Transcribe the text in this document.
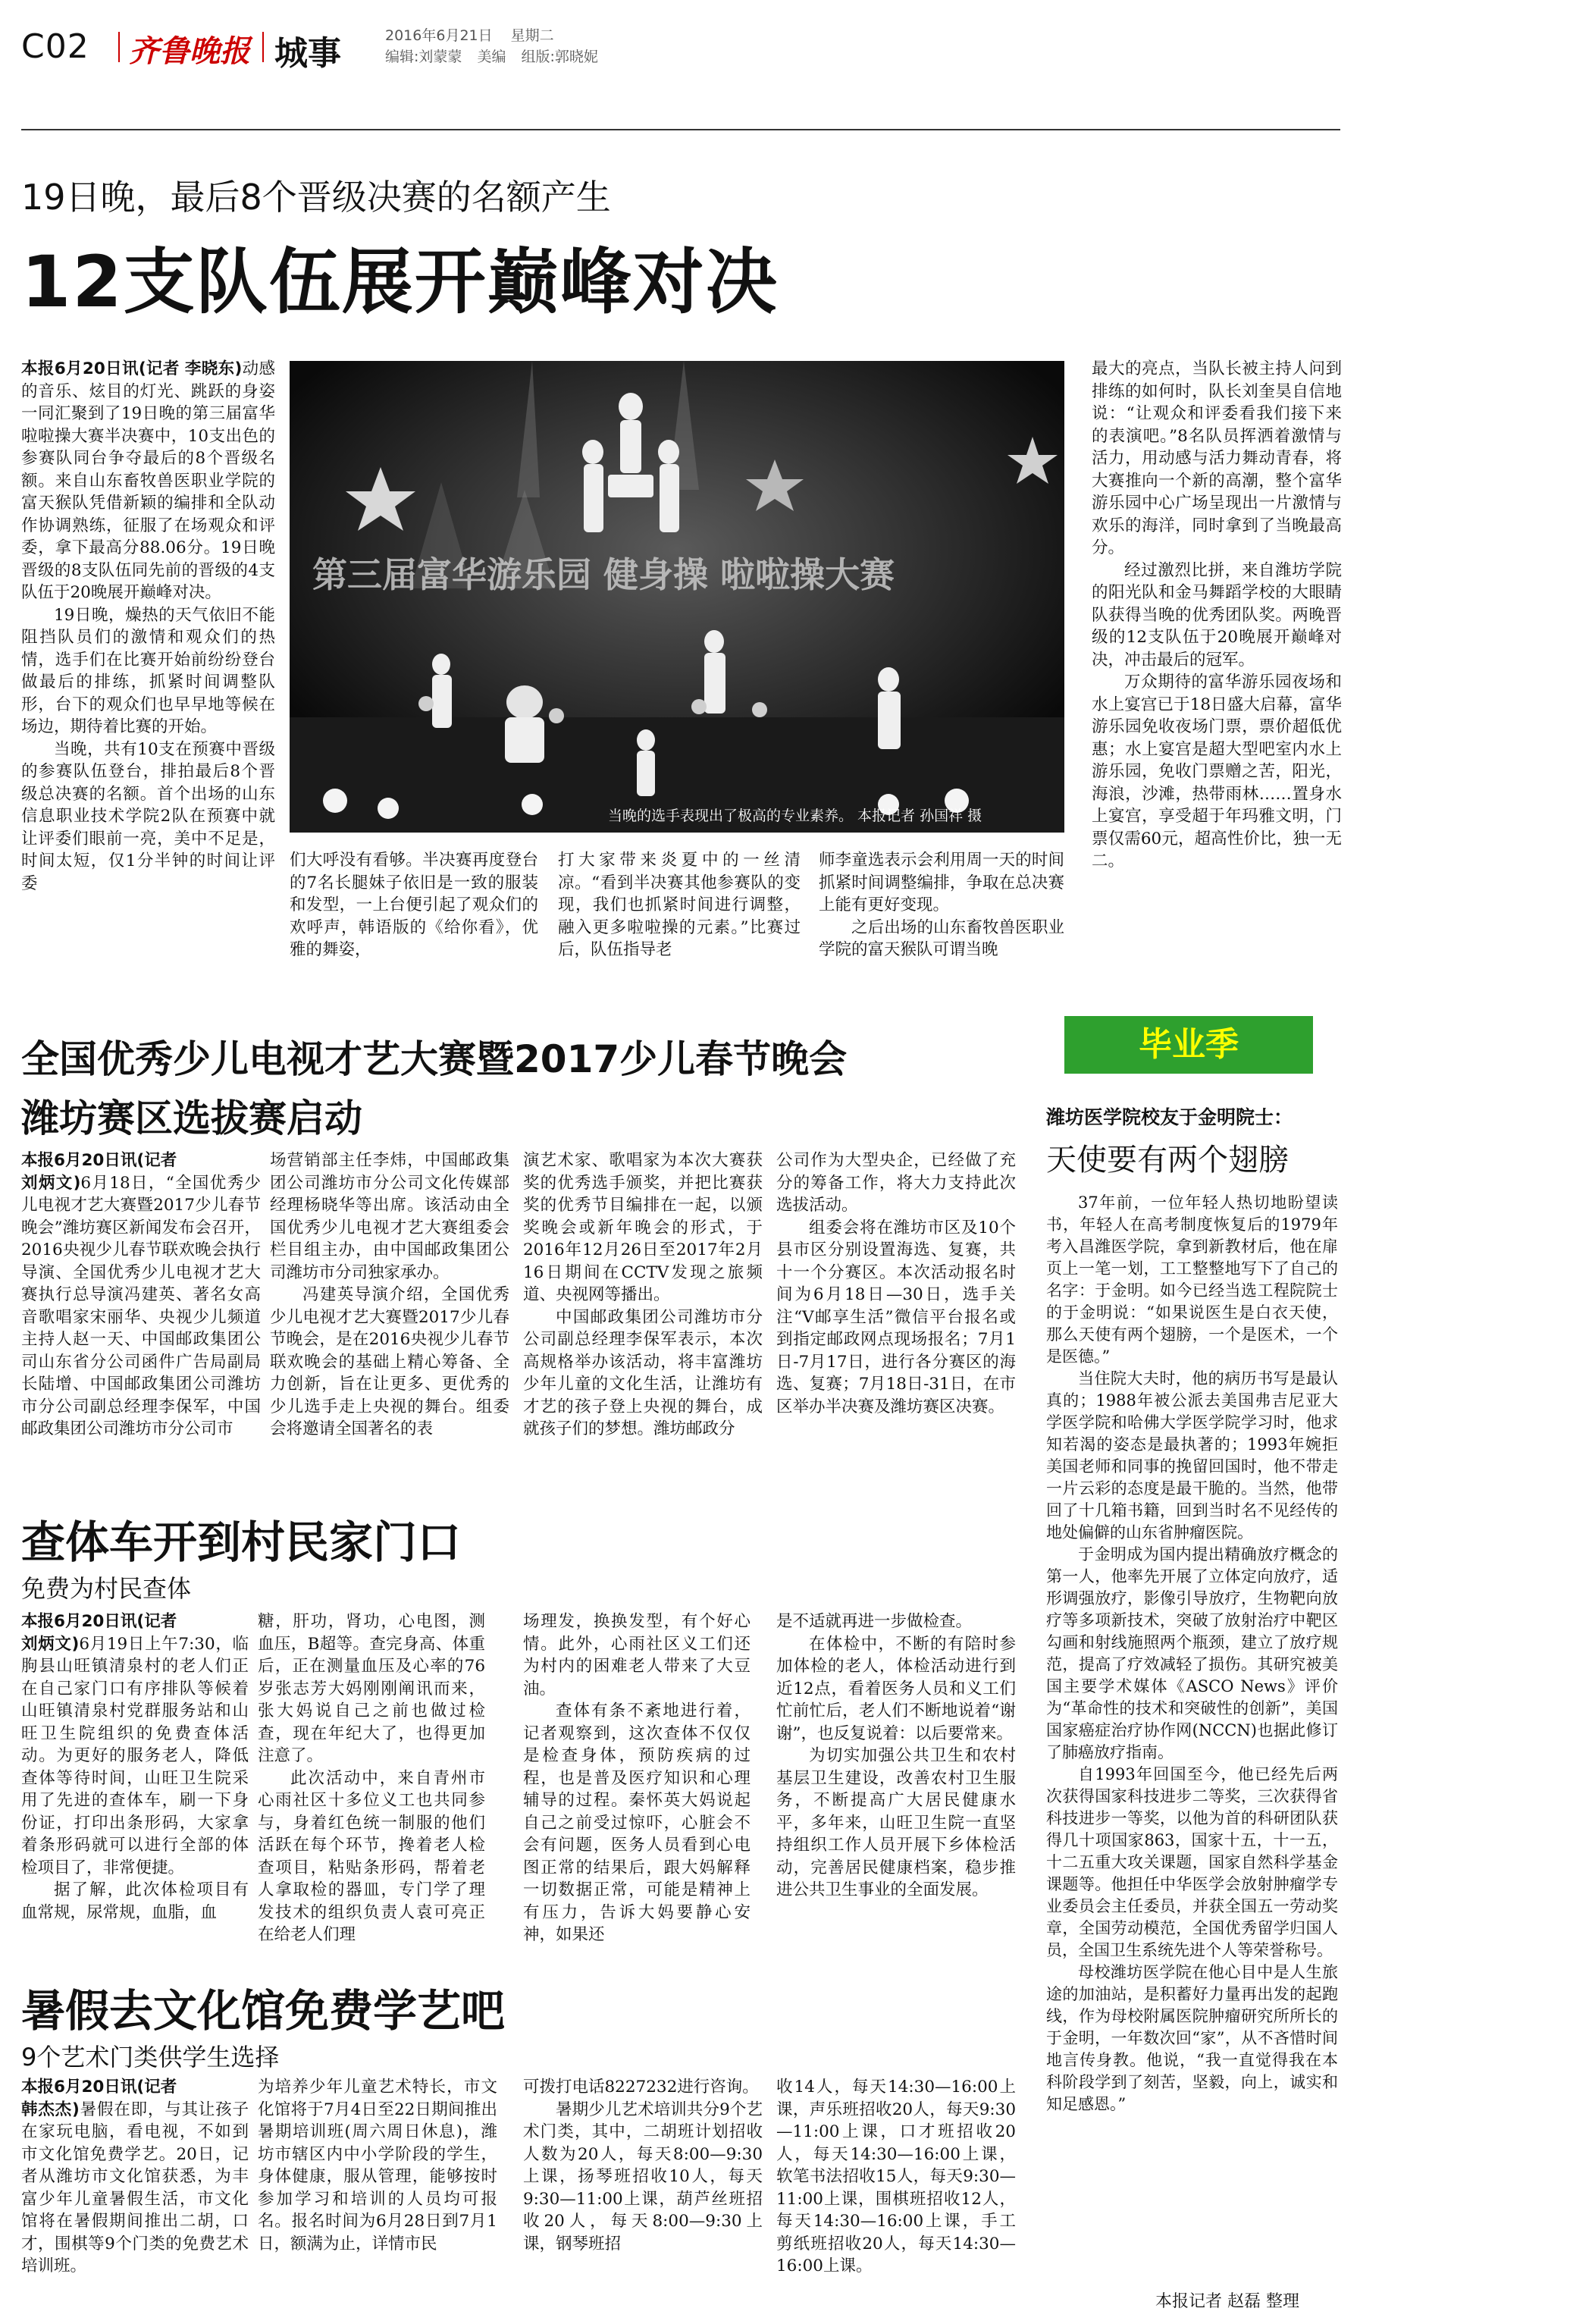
C02 齐鲁晚报 城事	2016年6月21日 星期二
编辑:刘蒙蒙 美编 组版:郭晓妮
19日晚，最后8个晋级决赛的名额产生
12支队伍展开巅峰对决

本报6月20日讯(记者 李晓东)动感的音乐、炫目的灯光、跳跃的身姿一同汇聚到了19日晚的第三届富华啦啦操大赛半决赛中，10支出色的参赛队同台争夺最后的8个晋级名额。来自山东畜牧兽医职业学院的富天猴队凭借新颖的编排和全队动作协调熟练，征服了在场观众和评委，拿下最高分88.06分。19日晚晋级的8支队伍同先前的晋级的4支队伍于20晚展开巅峰对决。

19日晚，燥热的天气依旧不能阻挡队员们的激情和观众们的热情，选手们在比赛开始前纷纷登台做最后的排练，抓紧时间调整队形，台下的观众们也早早地等候在场边，期待着比赛的开始。

当晚，共有10支在预赛中晋级的参赛队伍登台，排拍最后8个晋级总决赛的名额。首个出场的山东信息职业技术学院2队在预赛中就让评委们眼前一亮，美中不足是，时间太短，仅1分半钟的时间让评委

第三届富华游乐园 健身操 啦啦操大赛
当晚的选手表现出了极高的专业素养。 本报记者 孙国祥 摄

们大呼没有看够。半决赛再度登台的7名长腿妹子依旧是一致的服装和发型，一上台便引起了观众们的欢呼声，韩语版的《给你看》，优雅的舞姿，

打大家带来炎夏中的一丝清凉。“看到半决赛其他参赛队的变现，我们也抓紧时间进行调整，融入更多啦啦操的元素。”比赛过后，队伍指导老

师李童选表示会利用周一天的时间抓紧时间调整编排，争取在总决赛上能有更好变现。

之后出场的山东畜牧兽医职业学院的富天猴队可谓当晚

最大的亮点，当队长被主持人问到排练的如何时，队长刘奎昊自信地说：“让观众和评委看我们接下来的表演吧。”8名队员挥洒着激情与活力，用动感与活力舞动青春，将大赛推向一个新的高潮，整个富华游乐园中心广场呈现出一片激情与欢乐的海洋，同时拿到了当晚最高分。

经过激烈比拼，来自潍坊学院的阳光队和金马舞蹈学校的大眼睛队获得当晚的优秀团队奖。两晚晋级的12支队伍于20晚展开巅峰对决，冲击最后的冠军。

万众期待的富华游乐园夜场和水上宴宫已于18日盛大启幕，富华游乐园免收夜场门票，票价超低优惠；水上宴宫是超大型吧室内水上游乐园，免收门票赠之苦，阳光，海浪，沙滩，热带雨林……置身水上宴宫，享受超于年玛雅文明，门票仅需60元，超高性价比，独一无二。

全国优秀少儿电视才艺大赛暨2017少儿春节晚会
潍坊赛区选拔赛启动

本报6月20日讯(记者
刘炳文)6月18日，“全国优秀少儿电视才艺大赛暨2017少儿春节晚会”潍坊赛区新闻发布会召开，2016央视少儿春节联欢晚会执行导演、全国优秀少儿电视才艺大赛执行总导演冯建英、著名女高音歌唱家宋丽华、央视少儿频道主持人赵一天、中国邮政集团公司山东省分公司函件广告局副局长陆增、中国邮政集团公司潍坊市分公司副总经理李保军，中国邮政集团公司潍坊市分公司市

场营销部主任李炜，中国邮政集团公司潍坊市分公司文化传媒部经理杨晓华等出席。该活动由全国优秀少儿电视才艺大赛组委会栏目组主办，由中国邮政集团公司潍坊市分司独家承办。

冯建英导演介绍，全国优秀少儿电视才艺大赛暨2017少儿春节晚会，是在2016央视少儿春节联欢晚会的基础上精心筹备、全力创新，旨在让更多、更优秀的少儿选手走上央视的舞台。组委会将邀请全国著名的表

演艺术家、歌唱家为本次大赛获奖的优秀选手颁奖，并把比赛获奖的优秀节目编排在一起，以颁奖晚会或新年晚会的形式，于2016年12月26日至2017年2月16日期间在CCTV发现之旅频道、央视网等播出。

中国邮政集团公司潍坊市分公司副总经理李保军表示，本次高规格举办该活动，将丰富潍坊少年儿童的文化生活，让潍坊有才艺的孩子登上央视的舞台，成就孩子们的梦想。潍坊邮政分

公司作为大型央企，已经做了充分的筹备工作，将大力支持此次选拔活动。

组委会将在潍坊市区及10个县市区分别设置海选、复赛，共十一个分赛区。本次活动报名时间为6月18日—30日，选手关注“V邮享生活”微信平台报名或到指定邮政网点现场报名；7月1日-7月17日，进行各分赛区的海选、复赛；7月18日-31日，在市区举办半决赛及潍坊赛区决赛。

查体车开到村民家门口
免费为村民查体

本报6月20日讯(记者
刘炳文)6月19日上午7:30，临朐县山旺镇清泉村的老人们正在自己家门口有序排队等候着山旺镇清泉村党群服务站和山旺卫生院组织的免费查体活动。为更好的服务老人，降低查体等待时间，山旺卫生院采用了先进的查体车，刷一下身份证，打印出条形码，大家拿着条形码就可以进行全部的体检项目了，非常便捷。

据了解，此次体检项目有血常规，尿常规，血脂，血

糖，肝功，肾功，心电图，测血压，B超等。查完身高、体重后，正在测量血压及心率的76岁张志芳大妈刚刚阐讯而来，张大妈说自己之前也做过检查，现在年纪大了，也得更加注意了。

此次活动中，来自青州市心雨社区十多位义工也共同参与，身着红色统一制服的他们活跃在每个环节，搀着老人检查项目，粘贴条形码，帮着老人拿取检的器皿，专门学了理发技术的组织负责人袁可亮正在给老人们理

场理发，换换发型，有个好心情。此外，心雨社区义工们还为村内的困难老人带来了大豆油。

查体有条不紊地进行着，记者观察到，这次查体不仅仅是检查身体，预防疾病的过程，也是普及医疗知识和心理辅导的过程。秦怀英大妈说起自己之前受过惊吓，心脏会不会有问题，医务人员看到心电图正常的结果后，跟大妈解释一切数据正常，可能是精神上有压力，告诉大妈要静心安神，如果还

是不适就再进一步做检查。

在体检中，不断的有陪时参加体检的老人，体检活动进行到近12点，看着医务人员和义工们忙前忙后，老人们不断地说着“谢谢”，也反复说着：以后要常来。

为切实加强公共卫生和农村基层卫生建设，改善农村卫生服务，不断提高广大居民健康水平，多年来，山旺卫生院一直坚持组织工作人员开展下乡体检活动，完善居民健康档案，稳步推进公共卫生事业的全面发展。

暑假去文化馆免费学艺吧
9个艺术门类供学生选择

本报6月20日讯(记者
韩杰杰)暑假在即，与其让孩子在家玩电脑，看电视，不如到市文化馆免费学艺。20日，记者从潍坊市文化馆获悉，为丰富少年儿童暑假生活，市文化馆将在暑假期间推出二胡，口才，围棋等9个门类的免费艺术培训班。

为培养少年儿童艺术特长，市文化馆将于7月4日至22日期间推出暑期培训班(周六周日休息)，潍坊市辖区内中小学阶段的学生，身体健康，服从管理，能够按时参加学习和培训的人员均可报名。报名时间为6月28日到7月1日，额满为止，详情市民

可拨打电话8227232进行咨询。

暑期少儿艺术培训共分9个艺术门类，其中，二胡班计划招收人数为20人，每天8:00—9:30上课，扬琴班招收10人，每天9:30—11:00上课，葫芦丝班招收20人，每天8:00—9:30上课，钢琴班招

收14人，每天14:30—16:00上课，声乐班招收20人，每天9:30—11:00上课，口才班招收20人，每天14:30—16:00上课，软笔书法招收15人，每天9:30—11:00上课，围棋班招收12人，每天14:30—16:00上课，手工剪纸班招收20人，每天14:30—16:00上课。

毕业季
潍坊医学院校友于金明院士：
天使要有两个翅膀

37年前，一位年轻人热切地盼望读书，年轻人在高考制度恢复后的1979年考入昌潍医学院，拿到新教材后，他在扉页上一笔一划，工工整整地写下了自己的名字：于金明。如今已经当选工程院院士的于金明说：“如果说医生是白衣天使，那么天使有两个翅膀，一个是医术，一个是医德。”

当住院大夫时，他的病历书写是最认真的；1988年被公派去美国弗吉尼亚大学医学院和哈佛大学医学院学习时，他求知若渴的姿态是最执著的；1993年婉拒美国老师和同事的挽留回国时，他不带走一片云彩的态度是最干脆的。当然，他带回了十几箱书籍，回到当时名不见经传的地处偏僻的山东省肿瘤医院。

于金明成为国内提出精确放疗概念的第一人，他率先开展了立体定向放疗，适形调强放疗，影像引导放疗，生物靶向放疗等多项新技术，突破了放射治疗中靶区勾画和射线施照两个瓶颈，建立了放疗规范，提高了疗效减轻了损伤。其研究被美国主要学术媒体《ASCO News》评价为“革命性的技术和突破性的创新”，美国国家癌症治疗协作网(NCCN)也据此修订了肺癌放疗指南。

自1993年回国至今，他已经先后两次获得国家科技进步二等奖，三次获得省科技进步一等奖，以他为首的科研团队获得几十项国家863，国家十五，十一五，十二五重大攻关课题，国家自然科学基金课题等。他担任中华医学会放射肿瘤学专业委员会主任委员，并获全国五一劳动奖章，全国劳动模范，全国优秀留学归国人员，全国卫生系统先进个人等荣誉称号。

母校潍坊医学院在他心目中是人生旅途的加油站，是积蓄好力量再出发的起跑线，作为母校附属医院肿瘤研究所所长的于金明，一年数次回“家”，从不吝惜时间地言传身教。他说，“我一直觉得我在本科阶段学到了刻苦，坚毅，向上，诚实和知足感恩。”

本报记者 赵磊 整理
